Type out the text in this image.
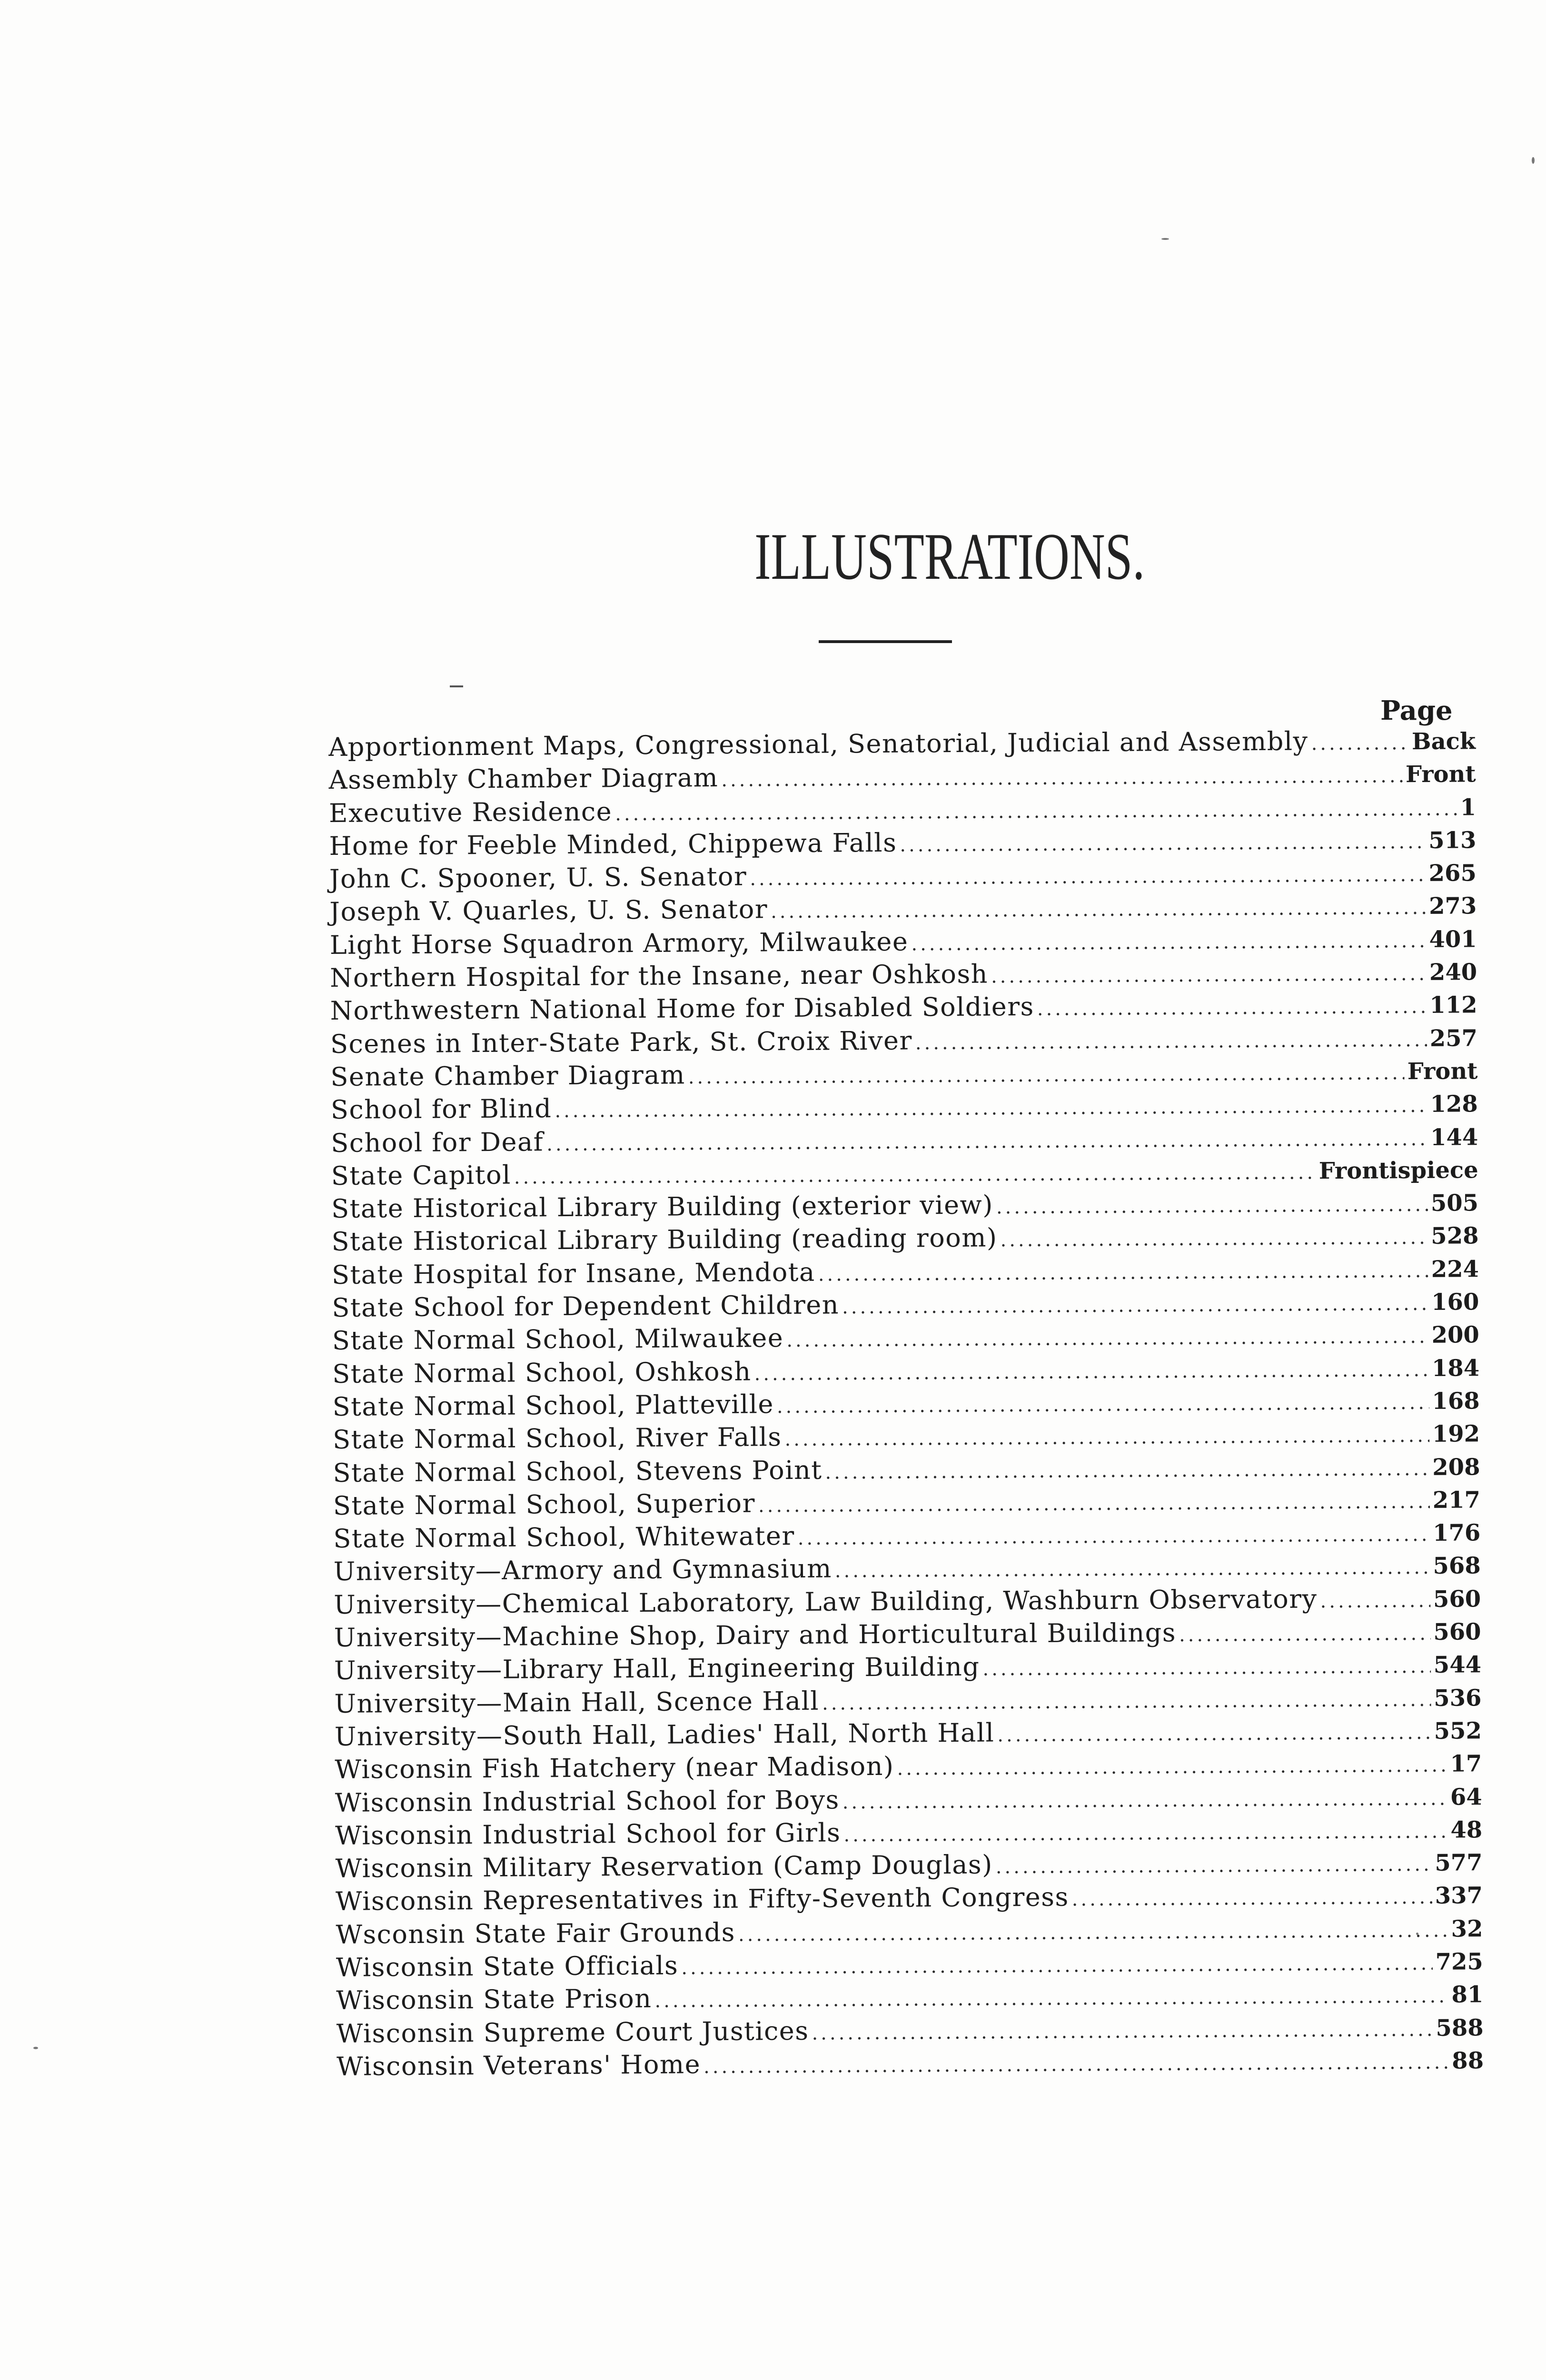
ILLUSTRATIONS.
Page
Apportionment Maps, Congressional, Senatorial, Judicial and Assembly .....	Back
Assembly Chamber Diagram .....	Front
Executive Residence .....	1
Home for Feeble Minded, Chippewa Falls .....	513
John C. Spooner, U. S. Senator .....	265
Joseph V. Quarles, U. S. Senator .....	273
Light Horse Squadron Armory, Milwaukee .....	401
Northern Hospital for the Insane, near Oshkosh .....	240
Northwestern National Home for Disabled Soldiers .....	112
Scenes in Inter-State Park, St. Croix River .....	257
Senate Chamber Diagram .....	Front
School for Blind .....	128
School for Deaf .....	144
State Capitol .....	Frontispiece
State Historical Library Building (exterior view) .....	505
State Historical Library Building (reading room) .....	528
State Hospital for Insane, Mendota .....	224
State School for Dependent Children .....	160
State Normal School, Milwaukee .....	200
State Normal School, Oshkosh .....	184
State Normal School, Platteville .....	168
State Normal School, River Falls .....	192
State Normal School, Stevens Point .....	208
State Normal School, Superior .....	217
State Normal School, Whitewater .....	176
University—Armory and Gymnasium .....	568
University—Chemical Laboratory, Law Building, Washburn Observatory .....	560
University—Machine Shop, Dairy and Horticultural Buildings .....	560
University—Library Hall, Engineering Building .....	544
University—Main Hall, Scence Hall .....	536
University—South Hall, Ladies' Hall, North Hall .....	552
Wisconsin Fish Hatchery (near Madison) .....	17
Wisconsin Industrial School for Boys .....	64
Wisconsin Industrial School for Girls .....	48
Wisconsin Military Reservation (Camp Douglas) .....	577
Wisconsin Representatives in Fifty-Seventh Congress .....	337
Wsconsin State Fair Grounds .....	32
Wisconsin State Officials .....	725
Wisconsin State Prison .....	81
Wisconsin Supreme Court Justices .....	588
Wisconsin Veterans' Home .....	88
